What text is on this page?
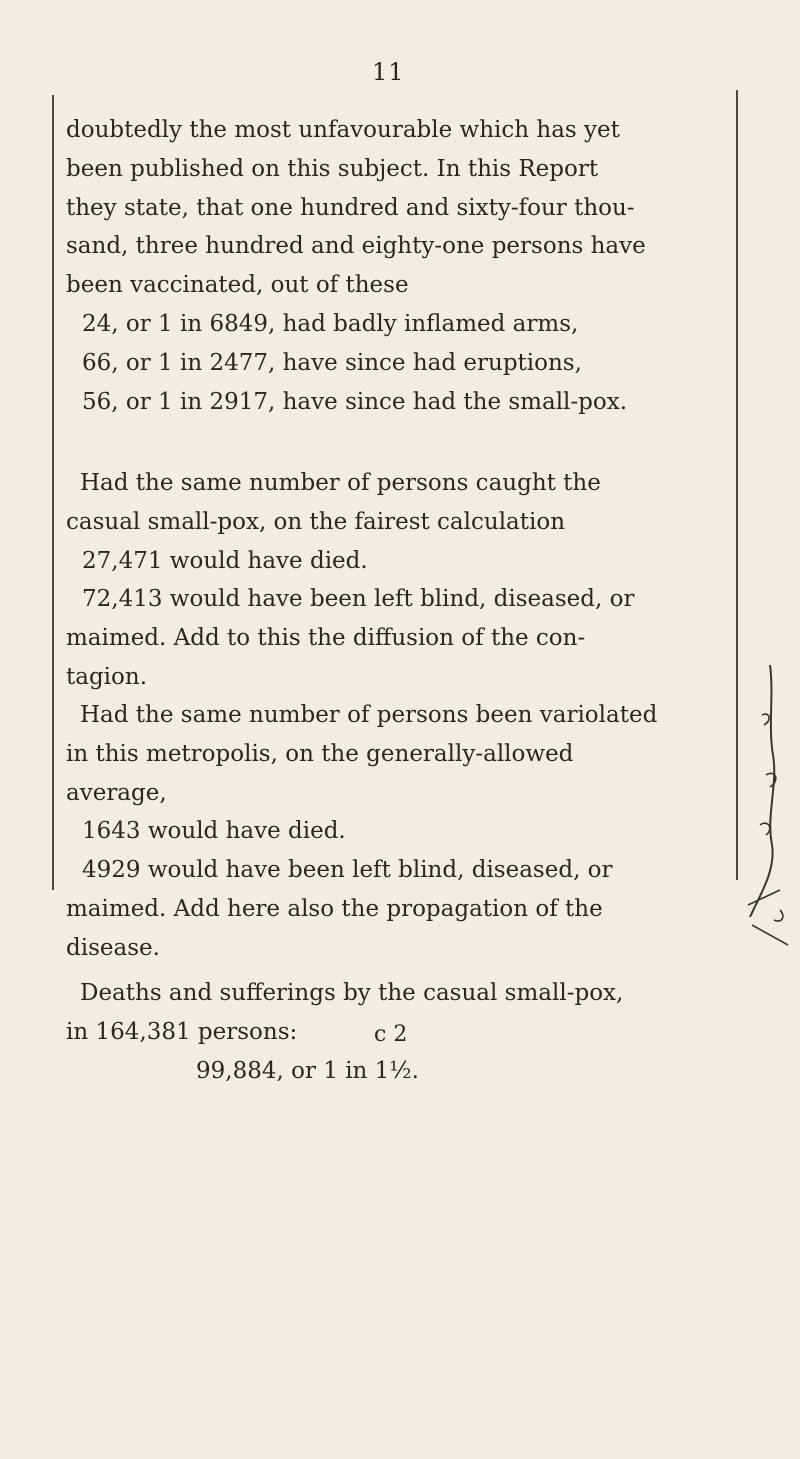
11
doubtedly the most unfavourable which has yet
been published on this subject. In this Report
they state, that one hundred and sixty-four thou-
sand, three hundred and eighty-one persons have
been vaccinated, out of these
24, or 1 in 6849, had badly inflamed arms,
66, or 1 in 2477, have since had eruptions,
56, or 1 in 2917, have since had the small-pox.
Had the same number of persons caught the
casual small-pox, on the fairest calculation
27,471 would have died.
72,413 would have been left blind, diseased, or
maimed. Add to this the diffusion of the con-
tagion.
Had the same number of persons been variolated
in this metropolis, on the generally-allowed
average,
1643 would have died.
4929 would have been left blind, diseased, or
maimed. Add here also the propagation of the
disease.
Deaths and sufferings by the casual small-pox,
in 164,381 persons:
99,884, or 1 in 1½.
c 2
